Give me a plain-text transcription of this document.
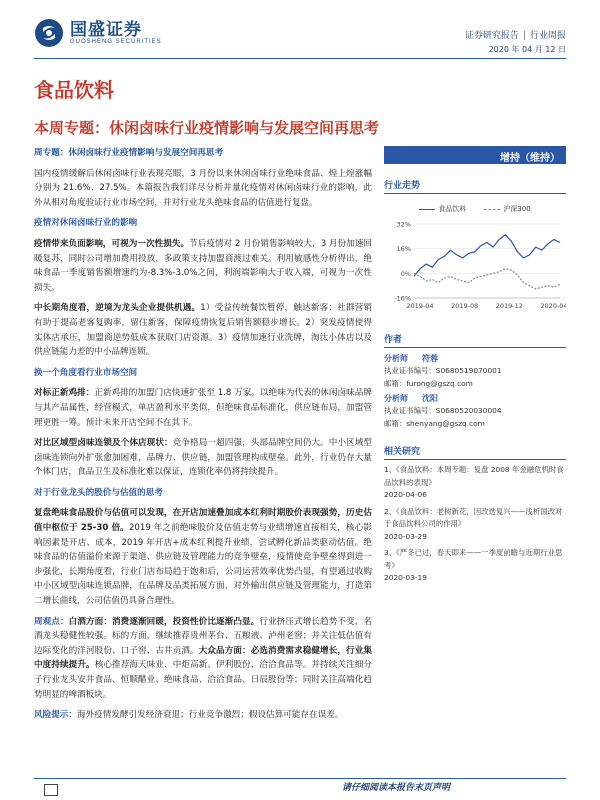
国盛证券
GUOSHENG SECURITIES
证券研究报告 | 行业周报
2020 年 04 月 12 日
食品饮料
本周专题：休闲卤味行业疫情影响与发展空间再思考
周专题：休闲卤味行业疫情影响与发展空间再思考
国内疫情缓解后休闲卤味行业表现亮眼，3 月份以来休闲卤味行业绝味食品、煌上煌涨幅分别为 21.6%、27.5%。本篇报告我们详尽分析并量化疫情对休闲卤味行业的影响，此外从相对角度验证行业市场空间，并对行业龙头绝味食品的估值进行复盘。
疫情对休闲卤味行业的影响
疫情带来负面影响，可视为一次性损失。节后疫情对 2 月份销售影响较大，3 月份加速回暖复苏，同时公司增加费用投放，多政策支持加盟商渡过难关。利用敏感性分析得出，绝味食品一季度销售额增速约为-8.3%-3.0%之间，利润端影响大于收入端，可视为一次性损失。
中长期角度看，逆境为龙头企业提供机遇。1）受益传统餐饮暂停，触达新客；社群营销有助于提高老客复购率，留住新客，保障疫情恢复后销售额稳步增长。2）突发疫情使得实体店承压，加盟商逆势低成本获取门店资源。3）疫情加速行业洗牌，淘汰小体店以及供应链能力差的中小品牌连锁。
换一个角度看行业市场空间
对标正新鸡排：正新鸡排的加盟门店快速扩张至 1.8 万家。以绝味为代表的休闲卤味品牌与其产品属性，经营模式，单店盈利水平类似，但绝味食品标准化，供应链布局，加盟管理更胜一筹。预计未来开店空间不在其下。
对比区域型卤味连锁及个体店现状：竞争格局一超四强，头部品牌空间仍大。中小区域型卤味连锁向外扩张愈加困难，品牌力、供应链，加盟管理构成壁垒。此外，行业仍存大量个体门店，食品卫生及标准化难以保证，连锁化率仍将持续提升。
对于行业龙头的股价与估值的思考
复盘绝味食品股价与估值可以发现，在开店加速叠加成本红利时期股价表现强势，历史估值中枢位于 25-30 倍。2019 年之前绝味股价及估值走势与业绩增速直接相关，核心影响因素是开店、成本，2019 年开店+成本红利提升业绩，尝试孵化新品类驱动估值。绝味食品的估值溢价来源于渠道、供应链及管理能力的竞争壁垒，疫情使竞争壁垒得到进一步强化，长期角度看，行业门店布局趋于饱和后，公司运营效率优势凸显，有望通过收购中小区域型卤味连锁品牌，在品牌及品类拓展方面，对外输出供应链及管理能力，打造第二增长曲线，公司估值仍具备合理性。
周观点：白酒方面：消费逐渐回暖，投资性价比逐渐凸显。行业挤压式增长趋势不变，名酒龙头稳健性较强。标的方面，继续推荐贵州茅台、五粮液、泸州老窖；并关注低估值有边际变化的洋河股份、口子窖、古井贡酒。大众品方面：必选消费需求稳健增长，行业集中度持续提升。核心推荐海天味业、中炬高新、伊利股份、洽洽食品等。并持续关注细分子行业龙头安井食品、恒顺醋业、绝味食品、洽洽食品、日辰股份等；同时关注高端化趋势明显的啤酒板块。
风险提示：海外疫情发酵引发经济衰退；行业竞争激烈；假设估算可能存在误差。
增持（维持）
行业走势
食品饮料	沪深300
32%
16%
0%
-16%
2019-04	2019-08	2019-12	2020-04
作者
分析师 符蓉
执业证书编号：S0680519070001
邮箱：furong@gszq.com
分析师 沈阳
执业证书编号：S0680520030004
邮箱：shenyang@gszq.com
相关研究
1、《食品饮料：本周专题：复盘 2008 年金融危机时食品饮料的表现》
2020-04-06
2、《食品饮料：老树新花，因改迭复兴——浅析国改对于食品饮料公司的作用》
2020-03-29
3、《严冬已过，春天即来——一季度前瞻与近期行业思考》
2020-03-19
请仔细阅读本报告末页声明
